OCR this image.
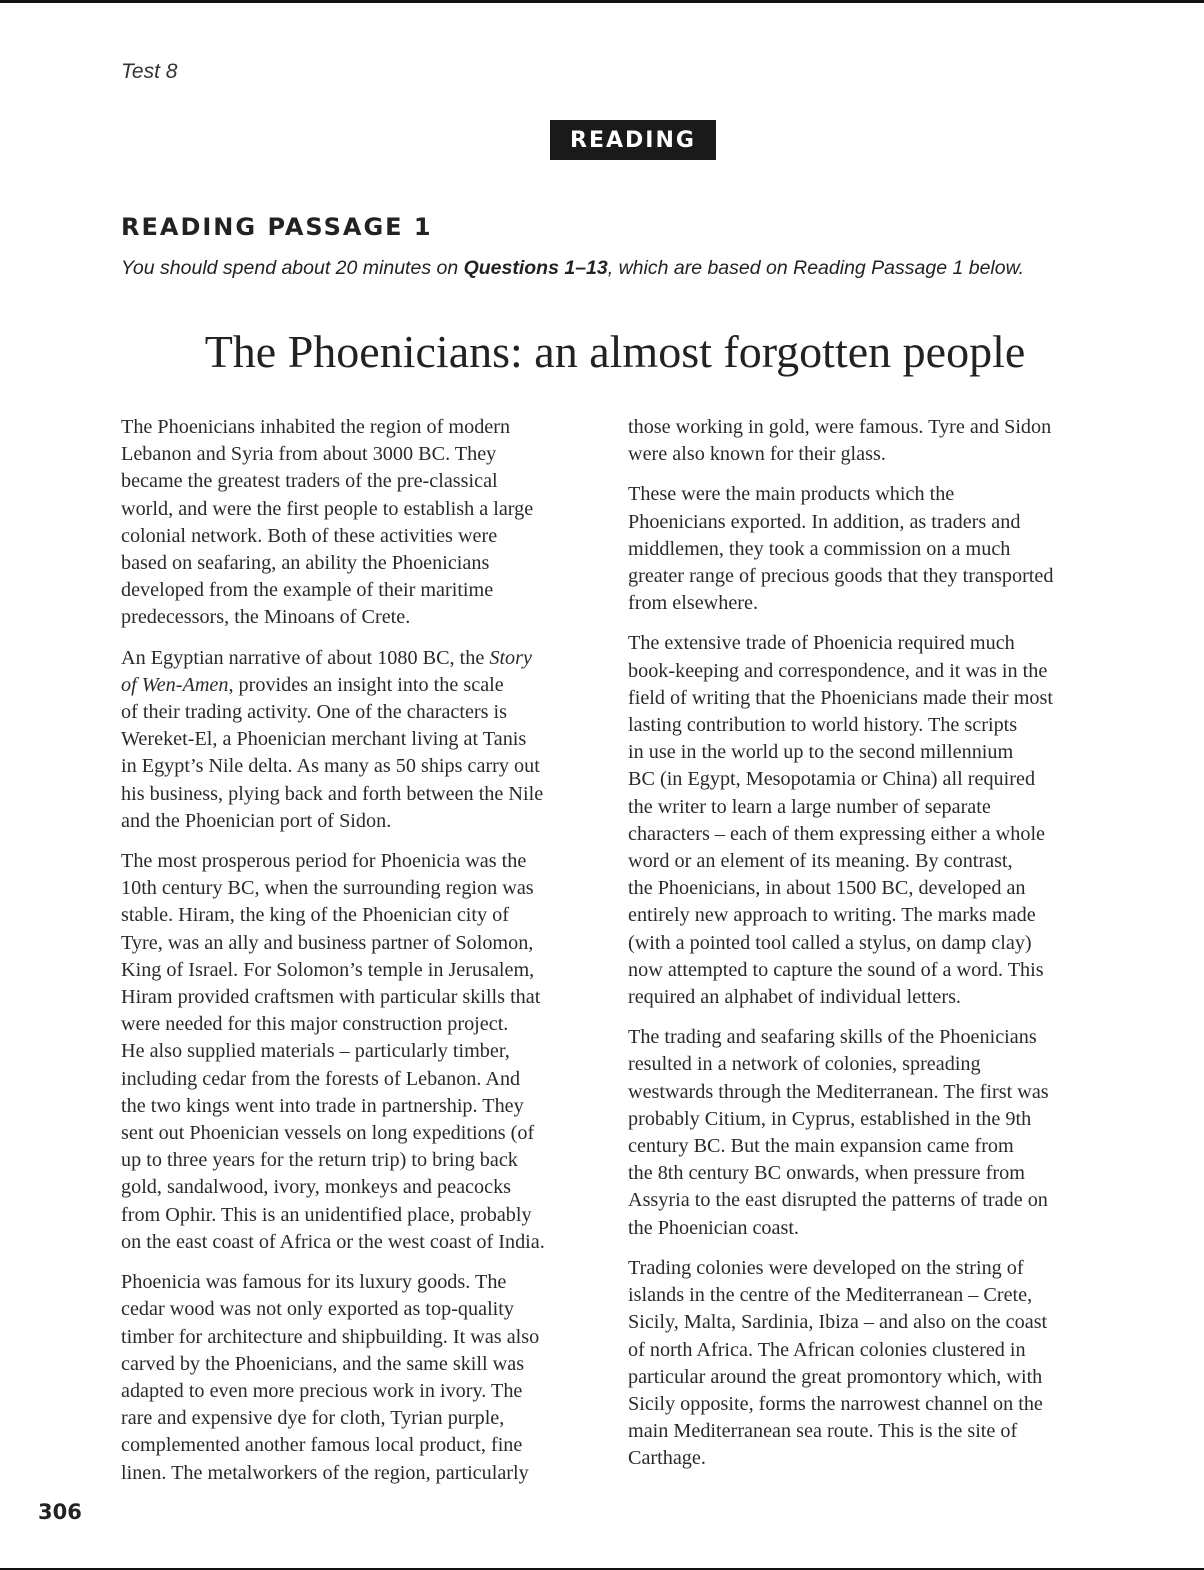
Test 8
READING
READING PASSAGE 1
You should spend about 20 minutes on Questions 1–13, which are based on Reading Passage 1 below.
The Phoenicians: an almost forgotten people
The Phoenicians inhabited the region of modern
Lebanon and Syria from about 3000 BC. They
became the greatest traders of the pre-classical
world, and were the first people to establish a large
colonial network. Both of these activities were
based on seafaring, an ability the Phoenicians
developed from the example of their maritime
predecessors, the Minoans of Crete.
An Egyptian narrative of about 1080 BC, the Story
of Wen-Amen, provides an insight into the scale
of their trading activity. One of the characters is
Wereket-El, a Phoenician merchant living at Tanis
in Egypt’s Nile delta. As many as 50 ships carry out
his business, plying back and forth between the Nile
and the Phoenician port of Sidon.
The most prosperous period for Phoenicia was the
10th century BC, when the surrounding region was
stable. Hiram, the king of the Phoenician city of
Tyre, was an ally and business partner of Solomon,
King of Israel. For Solomon’s temple in Jerusalem,
Hiram provided craftsmen with particular skills that
were needed for this major construction project.
He also supplied materials – particularly timber,
including cedar from the forests of Lebanon. And
the two kings went into trade in partnership. They
sent out Phoenician vessels on long expeditions (of
up to three years for the return trip) to bring back
gold, sandalwood, ivory, monkeys and peacocks
from Ophir. This is an unidentified place, probably
on the east coast of Africa or the west coast of India.
Phoenicia was famous for its luxury goods. The
cedar wood was not only exported as top-quality
timber for architecture and shipbuilding. It was also
carved by the Phoenicians, and the same skill was
adapted to even more precious work in ivory. The
rare and expensive dye for cloth, Tyrian purple,
complemented another famous local product, fine
linen. The metalworkers of the region, particularly
those working in gold, were famous. Tyre and Sidon
were also known for their glass.
These were the main products which the
Phoenicians exported. In addition, as traders and
middlemen, they took a commission on a much
greater range of precious goods that they transported
from elsewhere.
The extensive trade of Phoenicia required much
book-keeping and correspondence, and it was in the
field of writing that the Phoenicians made their most
lasting contribution to world history. The scripts
in use in the world up to the second millennium
BC (in Egypt, Mesopotamia or China) all required
the writer to learn a large number of separate
characters – each of them expressing either a whole
word or an element of its meaning. By contrast,
the Phoenicians, in about 1500 BC, developed an
entirely new approach to writing. The marks made
(with a pointed tool called a stylus, on damp clay)
now attempted to capture the sound of a word. This
required an alphabet of individual letters.
The trading and seafaring skills of the Phoenicians
resulted in a network of colonies, spreading
westwards through the Mediterranean. The first was
probably Citium, in Cyprus, established in the 9th
century BC. But the main expansion came from
the 8th century BC onwards, when pressure from
Assyria to the east disrupted the patterns of trade on
the Phoenician coast.
Trading colonies were developed on the string of
islands in the centre of the Mediterranean – Crete,
Sicily, Malta, Sardinia, Ibiza – and also on the coast
of north Africa. The African colonies clustered in
particular around the great promontory which, with
Sicily opposite, forms the narrowest channel on the
main Mediterranean sea route. This is the site of
Carthage.
306
